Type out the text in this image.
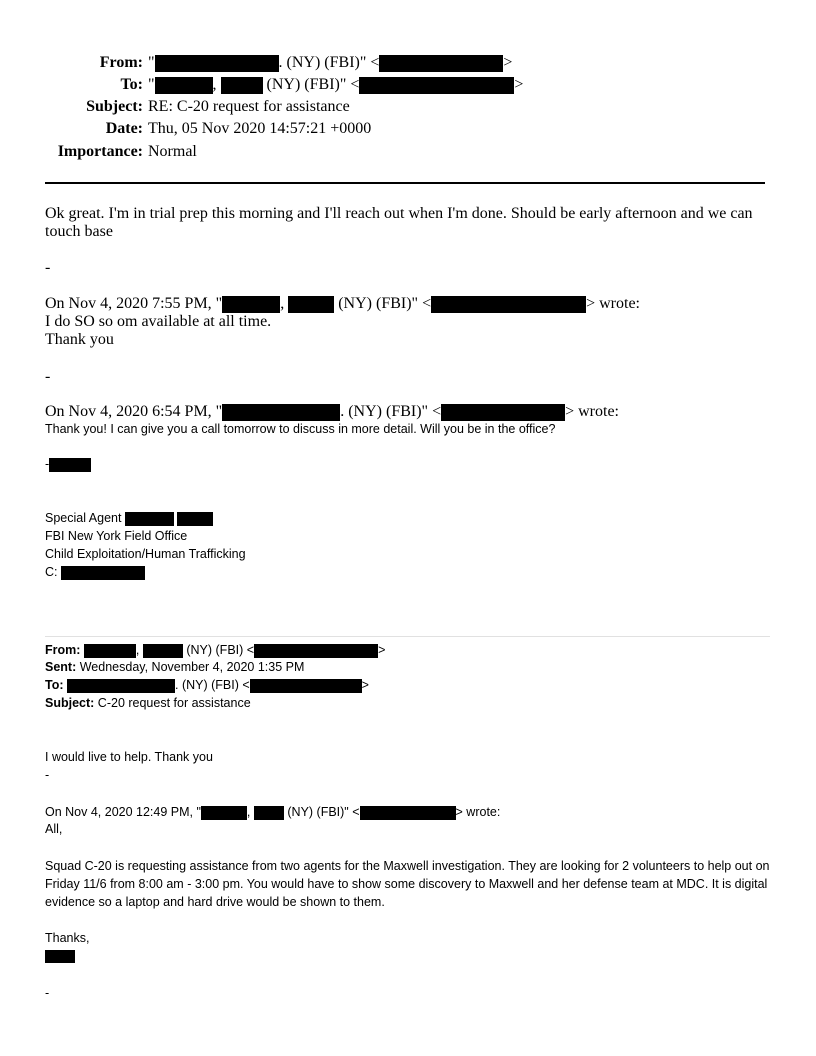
From: "	. (NY) (FBI)" <	>
To: "	,	(NY) (FBI)" <	>
Subject: RE: C-20 request for assistance
Date: Thu, 05 Nov 2020 14:57:21 +0000
Importance: Normal
Ok great. I'm in trial prep this morning and I'll reach out when I'm done. Should be early afternoon and we can touch base
-
On Nov 4, 2020 7:55 PM, "	,	(NY) (FBI)" <	> wrote:
I do SO so om available at all time.
Thank you
-
On Nov 4, 2020 6:54 PM, "	. (NY) (FBI)" <	> wrote:
Thank you! I can give you a call tomorrow to discuss in more detail. Will you be in the office?
-
Special Agent
FBI New York Field Office
Child Exploitation/Human Trafficking
C:
From:	,	(NY) (FBI) <	>
Sent: Wednesday, November 4, 2020 1:35 PM
To:	. (NY) (FBI) <	>
Subject: C-20 request for assistance
I would live to help. Thank you
-
On Nov 4, 2020 12:49 PM, "	,	(NY) (FBI)" <	> wrote:
All,
Squad C-20 is requesting assistance from two agents for the Maxwell investigation. They are looking for 2 volunteers to help out on Friday 11/6 from 8:00 am - 3:00 pm. You would have to show some discovery to Maxwell and her defense team at MDC. It is digital evidence so a laptop and hard drive would be shown to them.
Thanks,
-
